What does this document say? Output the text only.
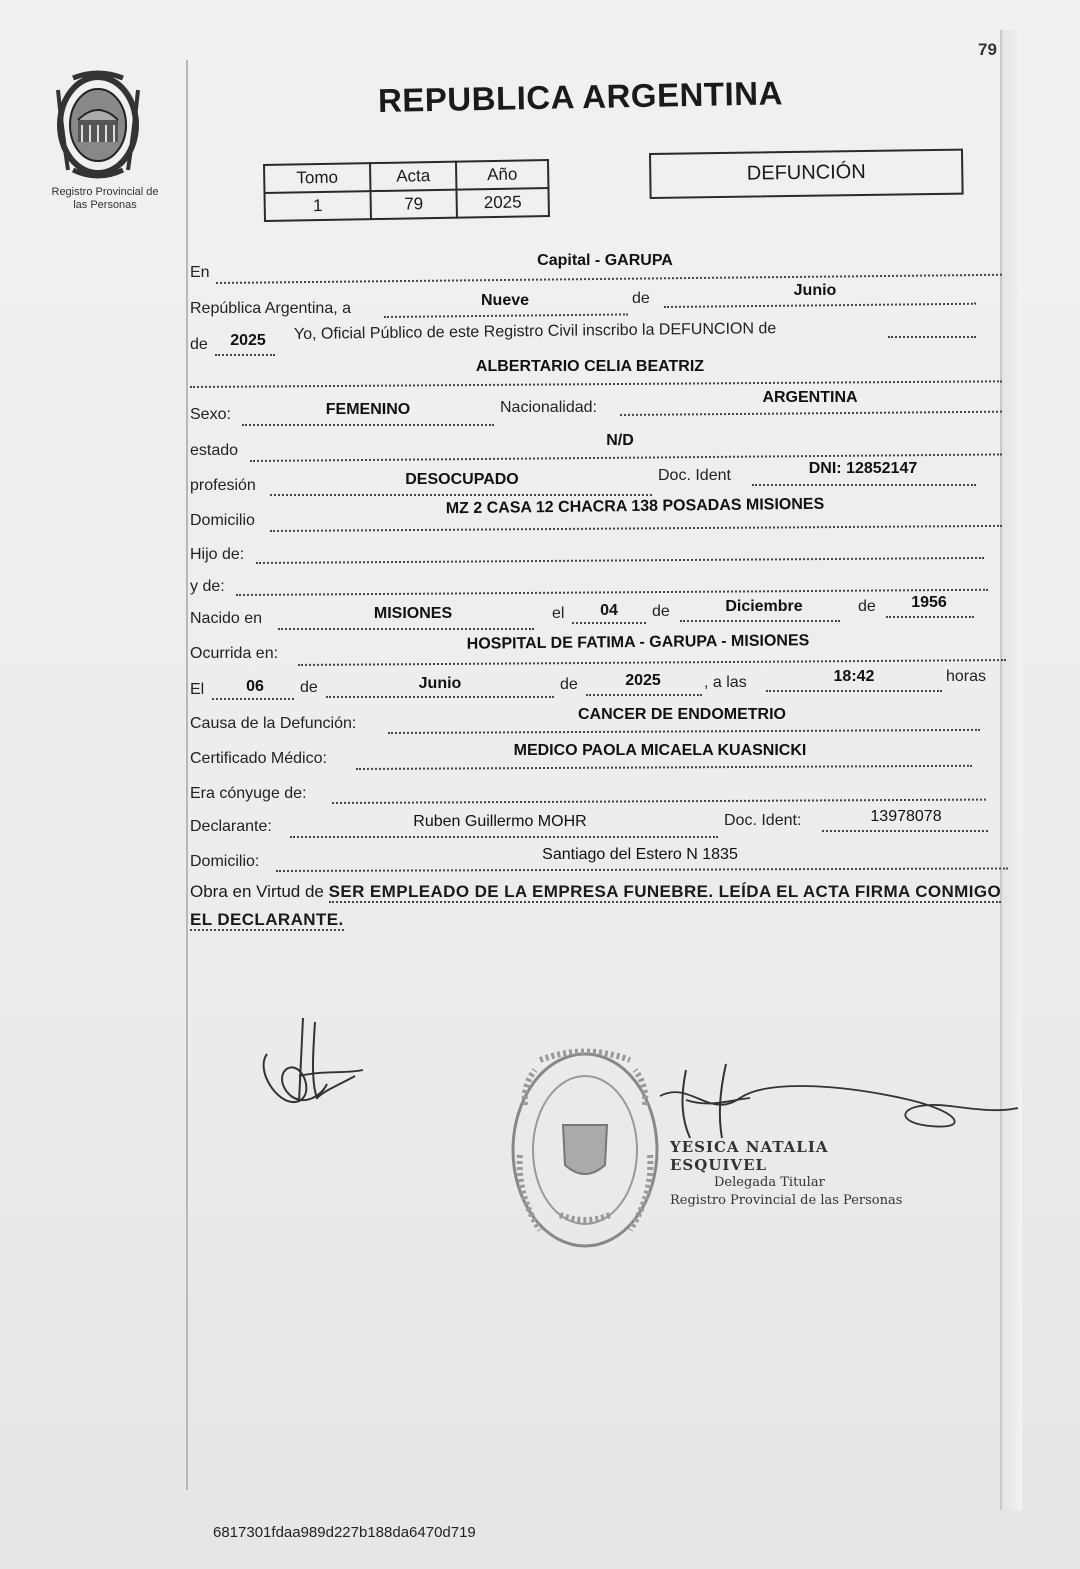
79
Registro Provincial de
las Personas
REPUBLICA ARGENTINA
Tomo	Acta	Año
1	79	2025
DEFUNCIÓN
En
Capital - GARUPA
República Argentina, a	Nueve	de	Junio
de	2025	Yo, Oficial Público de este Registro Civil inscribo la DEFUNCION de
ALBERTARIO CELIA BEATRIZ
Sexo:	FEMENINO	Nacionalidad:
ARGENTINA
estado
N/D
profesión	DESOCUPADO	Doc. Ident	DNI: 12852147
Domicilio
MZ 2 CASA 12 CHACRA 138 POSADAS MISIONES
Hijo de:
y de:
Nacido en	MISIONES	el	04	de	Diciembre	de	1956
Ocurrida en:
HOSPITAL DE FATIMA - GARUPA - MISIONES
El	06	de	Junio	de	2025	, a las	18:42	horas
Causa de la Defunción:
CANCER DE ENDOMETRIO
Certificado Médico:	MEDICO PAOLA MICAELA KUASNICKI
Era cónyuge de:
Declarante:	Ruben Guillermo MOHR	Doc. Ident:	13978078
Domicilio:	Santiago del Estero N 1835
Obra en Virtud de SER EMPLEADO DE LA EMPRESA FUNEBRE. LEÍDA EL ACTA FIRMA CONMIGO EL DECLARANTE.
YESICA NATALIA ESQUIVEL
Delegada Titular
Registro Provincial de las Personas
6817301fdaa989d227b188da6470d719
